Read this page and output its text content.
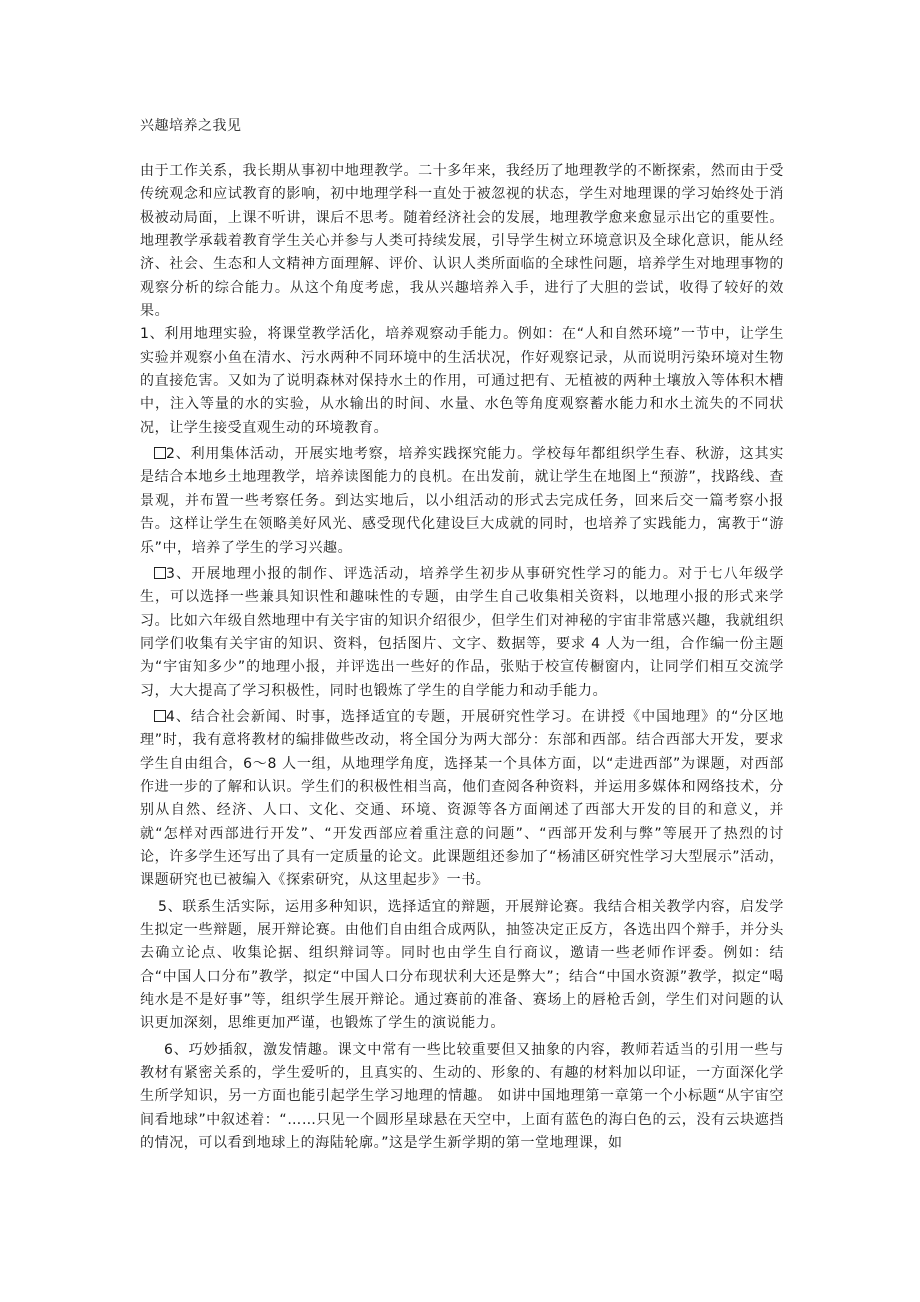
兴趣培养之我见

由于工作关系，我长期从事初中地理教学。二十多年来，我经历了地理教学的不断探索，然而由于受传统观念和应试教育的影响，初中地理学科一直处于被忽视的状态，学生对地理课的学习始终处于消极被动局面，上课不听讲，课后不思考。随着经济社会的发展，地理教学愈来愈显示出它的重要性。地理教学承载着教育学生关心并参与人类可持续发展，引导学生树立环境意识及全球化意识，能从经济、社会、生态和人文精神方面理解、评价、认识人类所面临的全球性问题，培养学生对地理事物的观察分析的综合能力。从这个角度考虑，我从兴趣培养入手，进行了大胆的尝试，收得了较好的效果。

1、利用地理实验，将课堂教学活化，培养观察动手能力。例如：在“人和自然环境”一节中，让学生实验并观察小鱼在清水、污水两种不同环境中的生活状况，作好观察记录，从而说明污染环境对生物的直接危害。又如为了说明森林对保持水土的作用，可通过把有、无植被的两种土壤放入等体积木槽中，注入等量的水的实验，从水输出的时间、水量、水色等角度观察蓄水能力和水土流失的不同状况，让学生接受直观生动的环境教育。

2、利用集体活动，开展实地考察，培养实践探究能力。学校每年都组织学生春、秋游，这其实是结合本地乡土地理教学，培养读图能力的良机。在出发前，就让学生在地图上“预游”，找路线、查景观，并布置一些考察任务。到达实地后，以小组活动的形式去完成任务，回来后交一篇考察小报告。这样让学生在领略美好风光、感受现代化建设巨大成就的同时，也培养了实践能力，寓教于“游乐”中，培养了学生的学习兴趣。

3、开展地理小报的制作、评选活动，培养学生初步从事研究性学习的能力。对于七八年级学生，可以选择一些兼具知识性和趣味性的专题，由学生自己收集相关资料，以地理小报的形式来学习。比如六年级自然地理中有关宇宙的知识介绍很少，但学生们对神秘的宇宙非常感兴趣，我就组织同学们收集有关宇宙的知识、资料，包括图片、文字、数据等，要求 4 人为一组，合作编一份主题为“宇宙知多少”的地理小报，并评选出一些好的作品，张贴于校宣传橱窗内，让同学们相互交流学习，大大提高了学习积极性，同时也锻炼了学生的自学能力和动手能力。

4、结合社会新闻、时事，选择适宜的专题，开展研究性学习。在讲授《中国地理》的“分区地理”时，我有意将教材的编排做些改动，将全国分为两大部分：东部和西部。结合西部大开发，要求学生自由组合，6～8 人一组，从地理学角度，选择某一个具体方面，以“走进西部”为课题，对西部作进一步的了解和认识。学生们的积极性相当高，他们查阅各种资料，并运用多媒体和网络技术，分别从自然、经济、人口、文化、交通、环境、资源等各方面阐述了西部大开发的目的和意义，并就“怎样对西部进行开发”、“开发西部应着重注意的问题”、“西部开发利与弊”等展开了热烈的讨论，许多学生还写出了具有一定质量的论文。此课题组还参加了“杨浦区研究性学习大型展示”活动，课题研究也已被编入《探索研究，从这里起步》一书。

5、联系生活实际，运用多种知识，选择适宜的辩题，开展辩论赛。我结合相关教学内容，启发学生拟定一些辩题，展开辩论赛。由他们自由组合成两队，抽签决定正反方，各选出四个辩手，并分头去确立论点、收集论据、组织辩词等。同时也由学生自行商议，邀请一些老师作评委。例如：结合“中国人口分布”教学，拟定“中国人口分布现状利大还是弊大”；结合“中国水资源”教学，拟定“喝纯水是不是好事”等，组织学生展开辩论。通过赛前的准备、赛场上的唇枪舌剑，学生们对问题的认识更加深刻，思维更加严谨，也锻炼了学生的演说能力。

6、巧妙插叙，激发情趣。课文中常有一些比较重要但又抽象的内容，教师若适当的引用一些与教材有紧密关系的，学生爱听的，且真实的、生动的、形象的、有趣的材料加以印证，一方面深化学生所学知识，另一方面也能引起学生学习地理的情趣。 如讲中国地理第一章第一个小标题“从宇宙空间看地球”中叙述着：“……只见一个圆形星球悬在天空中，上面有蓝色的海白色的云，没有云块遮挡的情况，可以看到地球上的海陆轮廓。”这是学生新学期的第一堂地理课，如
